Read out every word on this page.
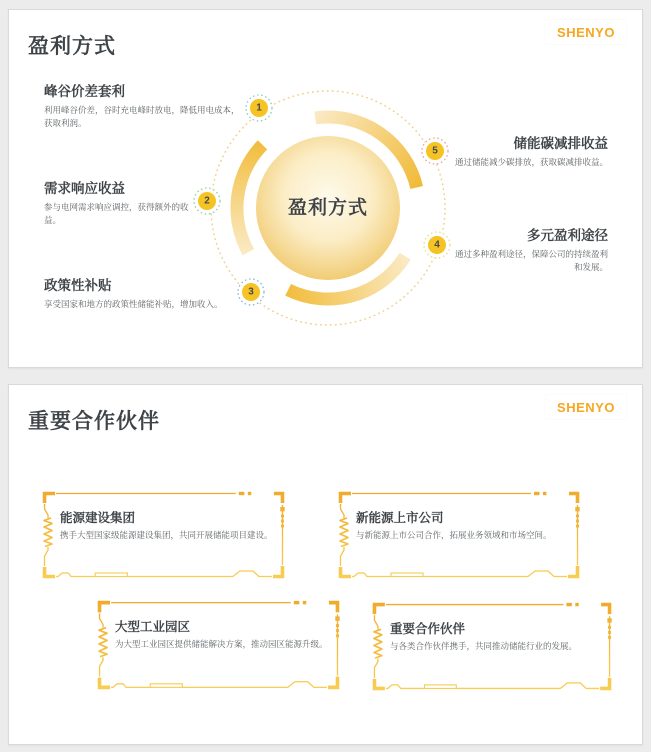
盈利方式
SHENYO
峰谷价差套利
利用峰谷价差，谷时充电峰时放电，降低用电成本，获取利润。
需求响应收益
参与电网需求响应调控，获得额外的收益。
政策性补贴
享受国家和地方的政策性储能补贴，增加收入。
储能碳减排收益
通过储能减少碳排放，获取碳减排收益。
多元盈利途径
通过多种盈利途径，保障公司的持续盈利和发展。
盈利方式
1
2
3
4
5
重要合作伙伴
SHENYO
能源建设集团
携手大型国家级能源建设集团，共同开展储能项目建设。
新能源上市公司
与新能源上市公司合作，拓展业务领域和市场空间。
大型工业园区
为大型工业园区提供储能解决方案，推动园区能源升级。
重要合作伙伴
与各类合作伙伴携手，共同推动储能行业的发展。
